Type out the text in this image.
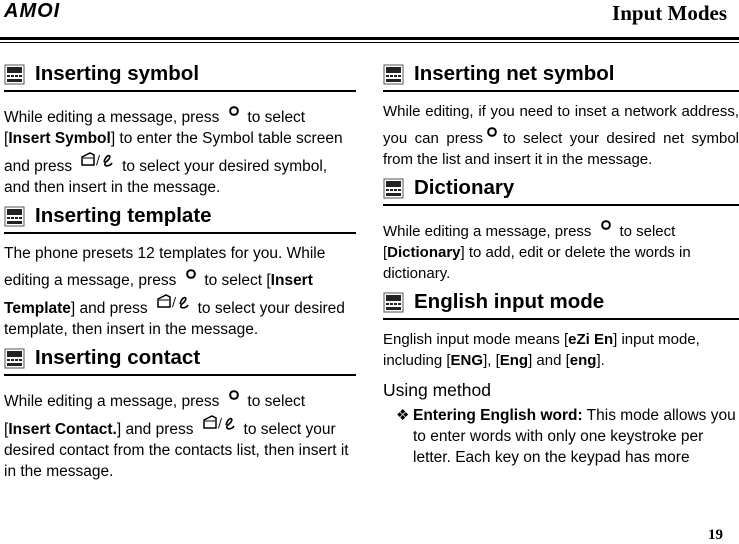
AMOI	Input Modes
Inserting symbol
While editing a message, press to select
[Insert Symbol] to enter the Symbol table screen and press / to select your desired symbol, and then insert in the message.
Inserting template
The phone presets 12 templates for you. While editing a message, press to select [Insert Template] and press / to select your desired template, then insert in the message.
Inserting contact
While editing a message, press to select
[Insert Contact.] and press / to select your desired contact from the contacts list, then insert it in the message.
Inserting net symbol
While editing, if you need to inset a network address, you can press to select your desired net symbol from the list and insert it in the message.
Dictionary
While editing a message, press to select
[Dictionary] to add, edit or delete the words in dictionary.
English input mode
English input mode means [eZi En] input mode, including [ENG], [Eng] and [eng].
Using method
❖ Entering English word: This mode allows you to enter words with only one keystroke per letter. Each key on the keypad has more
19
